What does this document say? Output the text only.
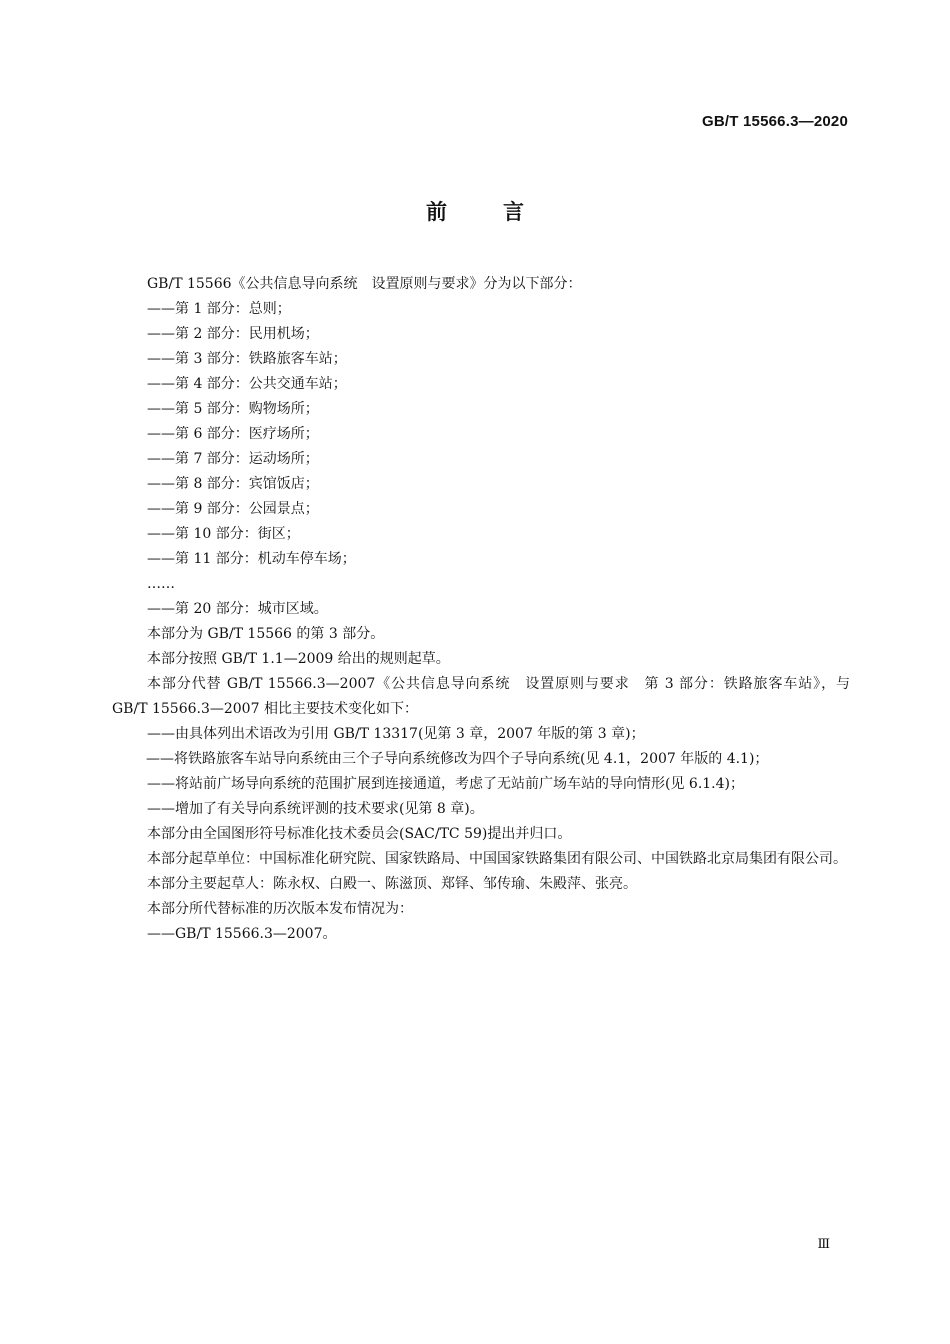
GB/T 15566.3—2020
前言

GB/T 15566《公共信息导向系统　设置原则与要求》分为以下部分：

——第 1 部分：总则；

——第 2 部分：民用机场；

——第 3 部分：铁路旅客车站；

——第 4 部分：公共交通车站；

——第 5 部分：购物场所；

——第 6 部分：医疗场所；

——第 7 部分：运动场所；

——第 8 部分：宾馆饭店；

——第 9 部分：公园景点；

——第 10 部分：街区；

——第 11 部分：机动车停车场；

……

——第 20 部分：城市区域。

本部分为 GB/T 15566 的第 3 部分。

本部分按照 GB/T 1.1—2009 给出的规则起草。

本部分代替 GB/T 15566.3—2007《公共信息导向系统　设置原则与要求　第 3 部分：铁路旅客车站》，与 GB/T 15566.3—2007 相比主要技术变化如下：

——由具体列出术语改为引用 GB/T 13317(见第 3 章，2007 年版的第 3 章)；

——将铁路旅客车站导向系统由三个子导向系统修改为四个子导向系统(见 4.1，2007 年版的 4.1)；

——将站前广场导向系统的范围扩展到连接通道，考虑了无站前广场车站的导向情形(见 6.1.4)；

——增加了有关导向系统评测的技术要求(见第 8 章)。

本部分由全国图形符号标准化技术委员会(SAC/TC 59)提出并归口。

本部分起草单位：中国标准化研究院、国家铁路局、中国国家铁路集团有限公司、中国铁路北京局集团有限公司。

本部分主要起草人：陈永权、白殿一、陈滋顶、郑铎、邹传瑜、朱殿萍、张亮。

本部分所代替标准的历次版本发布情况为：

——GB/T 15566.3—2007。

Ⅲ
